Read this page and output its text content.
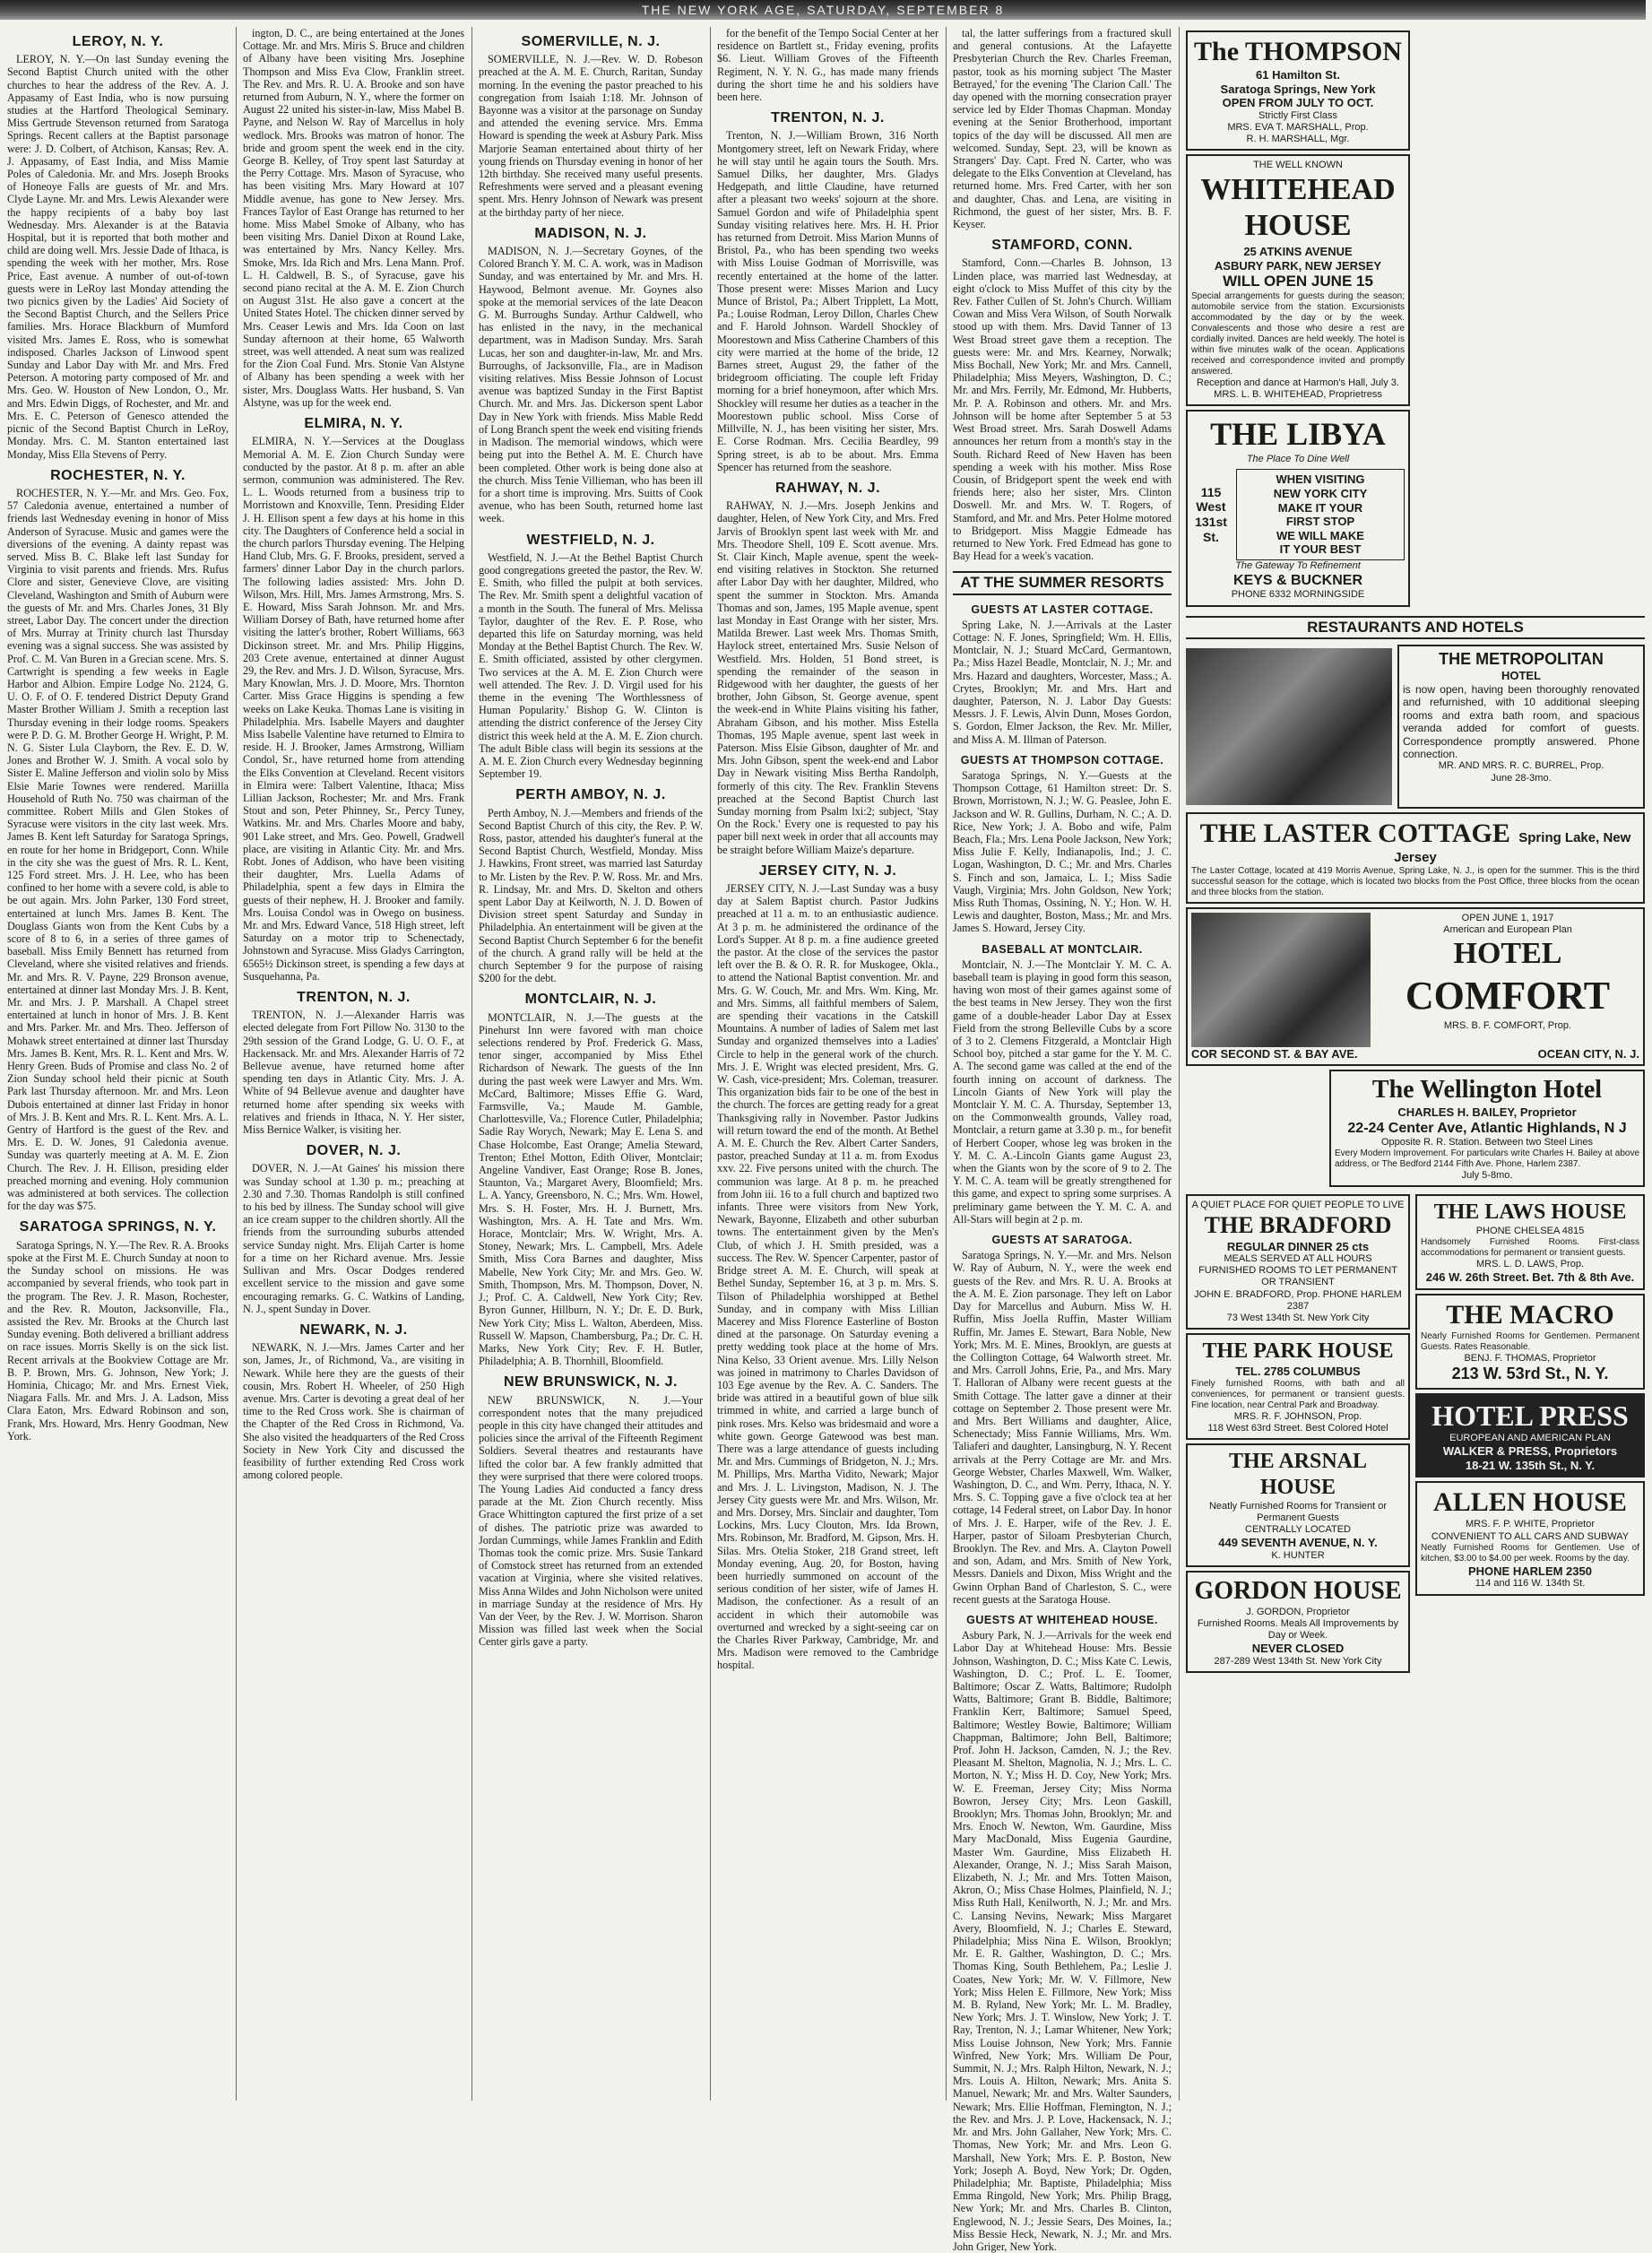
THE NEW YORK AGE, SATURDAY, SEPTEMBER 8
LEROY, N. Y.

LEROY, N. Y.—On last Sunday evening the Second Baptist Church united with the other churches to hear the address of the Rev. A. J. Appasamy of East India, who is now pursuing studies at the Hartford Theological Seminary. Miss Gertrude Stevenson returned from Saratoga Springs. Recent callers at the Baptist parsonage were: J. D. Colbert, of Atchison, Kansas; Rev. A. J. Appasamy, of East India, and Miss Mamie Poles of Caledonia. Mr. and Mrs. Joseph Brooks of Honeoye Falls are guests of Mr. and Mrs. Clyde Layne. Mr. and Mrs. Lewis Alexander were the happy recipients of a baby boy last Wednesday. Mrs. Alexander is at the Batavia Hospital, but it is reported that both mother and child are doing well. Mrs. Jessie Dade of Ithaca, is spending the week with her mother, Mrs. Rose Price, East avenue. A number of out-of-town guests were in LeRoy last Monday attending the two picnics given by the Ladies' Aid Society of the Second Baptist Church, and the Sellers Price families. Mrs. Horace Blackburn of Mumford visited Mrs. James E. Ross, who is somewhat indisposed. Charles Jackson of Linwood spent Sunday and Labor Day with Mr. and Mrs. Fred Peterson. A motoring party composed of Mr. and Mrs. Geo. W. Houston of New London, O., Mr. and Mrs. Edwin Diggs, of Rochester, and Mr. and Mrs. E. C. Peterson of Genesco attended the picnic of the Second Baptist Church in LeRoy, Monday. Mrs. C. M. Stanton entertained last Monday, Miss Ella Stevens of Perry.

ROCHESTER, N. Y.

ROCHESTER, N. Y.—Mr. and Mrs. Geo. Fox, 57 Caledonia avenue, entertained a number of friends last Wednesday evening in honor of Miss Anderson of Syracuse. Music and games were the diversions of the evening. A dainty repast was served. Miss B. C. Blake left last Sunday for Virginia to visit parents and friends. Mrs. Rufus Clore and sister, Genevieve Clove, are visiting Cleveland, Washington and Smith of Auburn were the guests of Mr. and Mrs. Charles Jones, 31 Bly street, Labor Day. The concert under the direction of Mrs. Murray at Trinity church last Thursday evening was a signal success. She was assisted by Prof. C. M. Van Buren in a Grecian scene. Mrs. S. Cartwright is spending a few weeks in Eagle Harbor and Albion. Empire Lodge No. 2124, G. U. O. F. of O. F. tendered District Deputy Grand Master Brother William J. Smith a reception last Thursday evening in their lodge rooms. Speakers were P. D. G. M. Brother George H. Wright, P. M. N. G. Sister Lula Clayborn, the Rev. E. D. W. Jones and Brother W. J. Smith. A vocal solo by Sister E. Maline Jefferson and violin solo by Miss Elsie Marie Townes were rendered. Mariilla Household of Ruth No. 750 was chairman of the committee. Robert Mills and Glen Stokes of Syracuse were visitors in the city last week. Mrs. James B. Kent left Saturday for Saratoga Springs, en route for her home in Bridgeport, Conn. While in the city she was the guest of Mrs. R. L. Kent, 125 Ford street. Mrs. J. H. Lee, who has been confined to her home with a severe cold, is able to be out again. Mrs. John Parker, 130 Ford street, entertained at lunch Mrs. James B. Kent. The Douglass Giants won from the Kent Cubs by a score of 8 to 6, in a series of three games of baseball. Miss Emily Bennett has returned from Cleveland, where she visited relatives and friends. Mr. and Mrs. R. V. Payne, 229 Bronson avenue, entertained at dinner last Monday Mrs. J. B. Kent, Mr. and Mrs. J. P. Marshall. A Chapel street entertained at lunch in honor of Mrs. J. B. Kent and Mrs. Parker. Mr. and Mrs. Theo. Jefferson of Mohawk street entertained at dinner last Thursday Mrs. James B. Kent, Mrs. R. L. Kent and Mrs. W. Henry Green. Buds of Promise and class No. 2 of Zion Sunday school held their picnic at South Park last Thursday afternoon. Mr. and Mrs. Leon Dubois entertained at dinner last Friday in honor of Mrs. J. B. Kent and Mrs. R. L. Kent. Mrs. A. L. Gentry of Hartford is the guest of the Rev. and Mrs. E. D. W. Jones, 91 Caledonia avenue. Sunday was quarterly meeting at A. M. E. Zion Church. The Rev. J. H. Ellison, presiding elder preached morning and evening. Holy communion was administered at both services. The collection for the day was $75.

SARATOGA SPRINGS, N. Y.

Saratoga Springs, N. Y.—The Rev. R. A. Brooks spoke at the First M. E. Church Sunday at noon to the Sunday school on missions. He was accompanied by several friends, who took part in the program. The Rev. J. R. Mason, Rochester, and the Rev. R. Mouton, Jacksonville, Fla., assisted the Rev. Mr. Brooks at the Church last Sunday evening. Both delivered a brilliant address on race issues. Morris Skelly is on the sick list. Recent arrivals at the Bookview Cottage are Mr. B. P. Brown, Mrs. G. Johnson, New York; J. Hominia, Chicago; Mr. and Mrs. Ernest Viek, Niagara Falls. Mr. and Mrs. J. A. Ladson, Miss Clara Eaton, Mrs. Edward Robinson and son, Frank, Mrs. Howard, Mrs. Henry Goodman, New York.

ington, D. C., are being entertained at the Jones Cottage. Mr. and Mrs. Miris S. Bruce and children of Albany have been visiting Mrs. Josephine Thompson and Miss Eva Clow, Franklin street. The Rev. and Mrs. R. U. A. Brooke and son have returned from Auburn, N. Y., where the former on August 22 united his sister-in-law, Miss Mabel B. Payne, and Nelson W. Ray of Marcellus in holy wedlock. Mrs. Brooks was matron of honor. The bride and groom spent the week end in the city. George B. Kelley, of Troy spent last Saturday at the Perry Cottage. Mrs. Mason of Syracuse, who has been visiting Mrs. Mary Howard at 107 Middle avenue, has gone to New Jersey. Mrs. Frances Taylor of East Orange has returned to her home. Miss Mabel Smoke of Albany, who has been visiting Mrs. Daniel Dixon at Round Lake, was entertained by Mrs. Nancy Kelley. Mrs. Smoke, Mrs. Ida Rich and Mrs. Lena Mann. Prof. L. H. Caldwell, B. S., of Syracuse, gave his second piano recital at the A. M. E. Zion Church on August 31st. He also gave a concert at the United States Hotel. The chicken dinner served by Mrs. Ceaser Lewis and Mrs. Ida Coon on last Sunday afternoon at their home, 65 Walworth street, was well attended. A neat sum was realized for the Zion Coal Fund. Mrs. Stonie Van Alstyne of Albany has been spending a week with her sister, Mrs. Douglass Watts. Her husband, S. Van Alstyne, was up for the week end.

ELMIRA, N. Y.

ELMIRA, N. Y.—Services at the Douglass Memorial A. M. E. Zion Church Sunday were conducted by the pastor. At 8 p. m. after an able sermon, communion was administered. The Rev. L. L. Woods returned from a business trip to Morristown and Knoxville, Tenn. Presiding Elder J. H. Ellison spent a few days at his home in this city. The Daughters of Conference held a social in the church parlors Thursday evening. The Helping Hand Club, Mrs. G. F. Brooks, president, served a farmers' dinner Labor Day in the church parlors. The following ladies assisted: Mrs. John D. Wilson, Mrs. Hill, Mrs. James Armstrong, Mrs. S. E. Howard, Miss Sarah Johnson. Mr. and Mrs. William Dorsey of Bath, have returned home after visiting the latter's brother, Robert Williams, 663 Dickinson street. Mr. and Mrs. Philip Higgins, 203 Crete avenue, entertained at dinner August 29, the Rev. and Mrs. J. D. Wilson, Syracuse, Mrs. Mary Knowlan, Mrs. J. D. Moore, Mrs. Thornton Carter. Miss Grace Higgins is spending a few weeks on Lake Keuka. Thomas Lane is visiting in Philadelphia. Mrs. Isabelle Mayers and daughter Miss Isabelle Valentine have returned to Elmira to reside. H. J. Brooker, James Armstrong, William Condol, Sr., have returned home from attending the Elks Convention at Cleveland. Recent visitors in Elmira were: Talbert Valentine, Ithaca; Miss Lillian Jackson, Rochester; Mr. and Mrs. Frank Stout and son, Peter Phinney, Sr., Percy Tuney, Watkins. Mr. and Mrs. Charles Moore and baby, 901 Lake street, and Mrs. Geo. Powell, Gradwell place, are visiting in Atlantic City. Mr. and Mrs. Robt. Jones of Addison, who have been visiting their daughter, Mrs. Luella Adams of Philadelphia, spent a few days in Elmira the guests of their nephew, H. J. Brooker and family. Mrs. Louisa Condol was in Owego on business. Mr. and Mrs. Edward Vance, 518 High street, left Saturday on a motor trip to Schenectady, Johnstown and Syracuse. Miss Gladys Carrington, 6565½ Dickinson street, is spending a few days at Susquehanna, Pa.

TRENTON, N. J.

TRENTON, N. J.—Alexander Harris was elected delegate from Fort Pillow No. 3130 to the 29th session of the Grand Lodge, G. U. O. F., at Hackensack. Mr. and Mrs. Alexander Harris of 72 Bellevue avenue, have returned home after spending ten days in Atlantic City. Mrs. J. A. White of 94 Bellevue avenue and daughter have returned home after spending six weeks with relatives and friends in Ithaca, N. Y. Her sister, Miss Bernice Walker, is visiting her.

DOVER, N. J.

DOVER, N. J.—At Gaines' his mission there was Sunday school at 1.30 p. m.; preaching at 2.30 and 7.30. Thomas Randolph is still confined to his bed by illness. The Sunday school will give an ice cream supper to the children shortly. All the friends from the surrounding suburbs attended service Sunday night. Mrs. Elijah Carter is home for a time on her Richard avenue. Mrs. Jessie Sullivan and Mrs. Oscar Dodges rendered excellent service to the mission and gave some encouraging remarks. G. C. Watkins of Landing, N. J., spent Sunday in Dover.

NEWARK, N. J.

NEWARK, N. J.—Mrs. James Carter and her son, James, Jr., of Richmond, Va., are visiting in Newark. While here they are the guests of their cousin, Mrs. Robert H. Wheeler, of 250 High avenue. Mrs. Carter is devoting a great deal of her time to the Red Cross work. She is chairman of the Chapter of the Red Cross in Richmond, Va. She also visited the headquarters of the Red Cross Society in New York City and discussed the feasibility of further extending Red Cross work among colored people.

SOMERVILLE, N. J.

SOMERVILLE, N. J.—Rev. W. D. Robeson preached at the A. M. E. Church, Raritan, Sunday morning. In the evening the pastor preached to his congregation from Isaiah 1:18. Mr. Johnson of Bayonne was a visitor at the parsonage on Sunday and attended the evening service. Mrs. Emma Howard is spending the week at Asbury Park. Miss Marjorie Seaman entertained about thirty of her young friends on Thursday evening in honor of her 12th birthday. She received many useful presents. Refreshments were served and a pleasant evening spent. Mrs. Henry Johnson of Newark was present at the birthday party of her niece.

MADISON, N. J.

MADISON, N. J.—Secretary Goynes, of the Colored Branch Y. M. C. A. work, was in Madison Sunday, and was entertained by Mr. and Mrs. H. Haywood, Belmont avenue. Mr. Goynes also spoke at the memorial services of the late Deacon G. M. Burroughs Sunday. Arthur Caldwell, who has enlisted in the navy, in the mechanical department, was in Madison Sunday. Mrs. Sarah Lucas, her son and daughter-in-law, Mr. and Mrs. Burroughs, of Jacksonville, Fla., are in Madison visiting relatives. Miss Bessie Johnson of Locust avenue was baptized Sunday in the First Baptist Church. Mr. and Mrs. Jas. Dickerson spent Labor Day in New York with friends. Miss Mable Redd of Long Branch spent the week end visiting friends in Madison. The memorial windows, which were being put into the Bethel A. M. E. Church have been completed. Other work is being done also at the church. Miss Tenie Villieman, who has been ill for a short time is improving. Mrs. Suitts of Cook avenue, who has been South, returned home last week.

WESTFIELD, N. J.

Westfield, N. J.—At the Bethel Baptist Church good congregations greeted the pastor, the Rev. W. E. Smith, who filled the pulpit at both services. The Rev. Mr. Smith spent a delightful vacation of a month in the South. The funeral of Mrs. Melissa Taylor, daughter of the Rev. E. P. Rose, who departed this life on Saturday morning, was held Monday at the Bethel Baptist Church. The Rev. W. E. Smith officiated, assisted by other clergymen. Two services at the A. M. E. Zion Church were well attended. The Rev. J. D. Virgil used for his theme in the evening 'The Worthlessness of Human Popularity.' Bishop G. W. Clinton is attending the district conference of the Jersey City district this week held at the A. M. E. Zion church. The adult Bible class will begin its sessions at the A. M. E. Zion Church every Wednesday beginning September 19.

PERTH AMBOY, N. J.

Perth Amboy, N. J.—Members and friends of the Second Baptist Church of this city, the Rev. P. W. Ross, pastor, attended his daughter's funeral at the Second Baptist Church, Westfield, Monday. Miss J. Hawkins, Front street, was married last Saturday to Mr. Listen by the Rev. P. W. Ross. Mr. and Mrs. R. Lindsay, Mr. and Mrs. D. Skelton and others spent Labor Day at Keilworth, N. J. D. Bowen of Division street spent Saturday and Sunday in Philadelphia. An entertainment will be given at the Second Baptist Church September 6 for the benefit of the church. A grand rally will be held at the church September 9 for the purpose of raising $200 for the debt.

MONTCLAIR, N. J.

MONTCLAIR, N. J.—The guests at the Pinehurst Inn were favored with man choice selections rendered by Prof. Frederick G. Mass, tenor singer, accompanied by Miss Ethel Richardson of Newark. The guests of the Inn during the past week were Lawyer and Mrs. Wm. McCard, Baltimore; Misses Effie G. Ward, Farmsville, Va.; Maude M. Gamble, Charlottesville, Va.; Florence Cutler, Philadelphia; Sadie Ray Worych, Newark; May E. Lena S. and Chase Holcombe, East Orange; Amelia Steward, Trenton; Ethel Motton, Edith Oliver, Montclair; Angeline Vandiver, East Orange; Rose B. Jones, Staunton, Va.; Margaret Avery, Bloomfield; Mrs. L. A. Yancy, Greensboro, N. C.; Mrs. Wm. Howel, Mrs. S. H. Foster, Mrs. H. J. Burnett, Mrs. Washington, Mrs. A. H. Tate and Mrs. Wm. Horace, Montclair; Mrs. W. Wright, Mrs. A. Stoney, Newark; Mrs. L. Campbell, Mrs. Adele Smith, Miss Cora Barnes and daughter, Miss Mabelle, New York City; Mr. and Mrs. Geo. W. Smith, Thompson, Mrs. M. Thompson, Dover, N. J.; Prof. C. A. Caldwell, New York City; Rev. Byron Gunner, Hillburn, N. Y.; Dr. E. D. Burk, New York City; Miss L. Walton, Aberdeen, Miss. Russell W. Mapson, Chambersburg, Pa.; Dr. C. H. Marks, New York City; Rev. F. H. Butler, Philadelphia; A. B. Thornhill, Bloomfield.

NEW BRUNSWICK, N. J.

NEW BRUNSWICK, N. J.—Your correspondent notes that the many prejudiced people in this city have changed their attitudes and policies since the arrival of the Fifteenth Regiment Soldiers. Several theatres and restaurants have lifted the color bar. A few frankly admitted that they were surprised that there were colored troops. The Young Ladies Aid conducted a fancy dress parade at the Mt. Zion Church recently. Miss Grace Whittington captured the first prize of a set of dishes. The patriotic prize was awarded to Jordan Cummings, while James Franklin and Edith Thomas took the comic prize. Mrs. Susie Tankard of Comstock street has returned from an extended vacation at Virginia, where she visited relatives. Miss Anna Wildes and John Nicholson were united in marriage Sunday at the residence of Mrs. Hy Van der Veer, by the Rev. J. W. Morrison. Sharon Mission was filled last week when the Social Center girls gave a party.

for the benefit of the Tempo Social Center at her residence on Bartlett st., Friday evening, profits $6. Lieut. William Groves of the Fifteenth Regiment, N. Y. N. G., has made many friends during the short time he and his soldiers have been here.

TRENTON, N. J.

Trenton, N. J.—William Brown, 316 North Montgomery street, left on Newark Friday, where he will stay until he again tours the South. Mrs. Samuel Dilks, her daughter, Mrs. Gladys Hedgepath, and little Claudine, have returned after a pleasant two weeks' sojourn at the shore. Samuel Gordon and wife of Philadelphia spent Sunday visiting relatives here. Mrs. H. H. Prior has returned from Detroit. Miss Marion Munns of Bristol, Pa., who has been spending two weeks with Miss Louise Godman of Morrisville, was recently entertained at the home of the latter. Those present were: Misses Marion and Lucy Munce of Bristol, Pa.; Albert Tripplett, La Mott, Pa.; Louise Rodman, Leroy Dillon, Charles Chew and F. Harold Johnson. Wardell Shockley of Moorestown and Miss Catherine Chambers of this city were married at the home of the bride, 12 Barnes street, August 29, the father of the bridegroom officiating. The couple left Friday morning for a brief honeymoon, after which Mrs. Shockley will resume her duties as a teacher in the Moorestown public school. Miss Corse of Millville, N. J., has been visiting her sister, Mrs. E. Corse Rodman. Mrs. Cecilia Beardley, 99 Spring street, is ab to be about. Mrs. Emma Spencer has returned from the seashore.

RAHWAY, N. J.

RAHWAY, N. J.—Mrs. Joseph Jenkins and daughter, Helen, of New York City, and Mrs. Fred Jarvis of Brooklyn spent last week with Mr. and Mrs. Theodore Shell, 109 E. Scott avenue. Mrs. St. Clair Kinch, Maple avenue, spent the week-end visiting relatives in Stockton. She returned after Labor Day with her daughter, Mildred, who spent the summer in Stockton. Mrs. Amanda Thomas and son, James, 195 Maple avenue, spent last Monday in East Orange with her sister, Mrs. Matilda Brewer. Last week Mrs. Thomas Smith, Haylock street, entertained Mrs. Susie Nelson of Westfield. Mrs. Holden, 51 Bond street, is spending the remainder of the season in Ridgewood with her daughter, the guests of her brother, John Gibson, St. George avenue, spent the week-end in White Plains visiting his father, Abraham Gibson, and his mother. Miss Estella Thomas, 195 Maple avenue, spent last week in Paterson. Miss Elsie Gibson, daughter of Mr. and Mrs. John Gibson, spent the week-end and Labor Day in Newark visiting Miss Bertha Randolph, formerly of this city. The Rev. Franklin Stevens preached at the Second Baptist Church last Sunday morning from Psalm lxi:2; subject, 'Stay On the Rock.' Every one is requested to pay his paper bill next week in order that all accounts may be straight before William Maize's departure.

JERSEY CITY, N. J.

JERSEY CITY, N. J.—Last Sunday was a busy day at Salem Baptist church. Pastor Judkins preached at 11 a. m. to an enthusiastic audience. At 3 p. m. he administered the ordinance of the Lord's Supper. At 8 p. m. a fine audience greeted the pastor. At the close of the services the pastor left over the B. & O. R. R. for Muskogee, Okla., to attend the National Baptist convention. Mr. and Mrs. G. W. Couch, Mr. and Mrs. Wm. King, Mr. and Mrs. Simms, all faithful members of Salem, are spending their vacations in the Catskill Mountains. A number of ladies of Salem met last Sunday and organized themselves into a Ladies' Circle to help in the general work of the church. Mrs. J. E. Wright was elected president, Mrs. G. W. Cash, vice-president; Mrs. Coleman, treasurer. This organization bids fair to be one of the best in the church. The forces are getting ready for a great Thanksgiving rally in November. Pastor Judkins will return toward the end of the month. At Bethel A. M. E. Church the Rev. Albert Carter Sanders, pastor, preached Sunday at 11 a. m. from Exodus xxv. 22. Five persons united with the church. The communion was large. At 8 p. m. he preached from John iii. 16 to a full church and baptized two infants. Three were visitors from New York, Newark, Bayonne, Elizabeth and other suburban towns. The entertainment given by the Men's Club, of which J. H. Smith presided, was a success. The Rev. W. Spencer Carpenter, pastor of Bridge street A. M. E. Church, will speak at Bethel Sunday, September 16, at 3 p. m. Mrs. S. Tilson of Philadelphia worshipped at Bethel Sunday, and in company with Miss Lillian Macerey and Miss Florence Easterline of Boston dined at the parsonage. On Saturday evening a pretty wedding took place at the home of Mrs. Nina Kelso, 33 Orient avenue. Mrs. Lilly Nelson was joined in matrimony to Charles Davidson of 103 Ege avenue by the Rev. A. C. Sanders. The bride was attired in a beautiful gown of blue silk trimmed in white, and carried a large bunch of pink roses. Mrs. Kelso was bridesmaid and wore a white gown. George Gatewood was best man. There was a large attendance of guests including Mr. and Mrs. Cummings of Bridgeton, N. J.; Mrs. M. Phillips, Mrs. Martha Vidito, Newark; Major and Mrs. J. L. Livingston, Madison, N. J. The Jersey City guests were Mr. and Mrs. Wilson, Mr. and Mrs. Dorsey, Mrs. Sinclair and daughter, Tom Lockins, Mrs. Lucy Clouton, Mrs. Ida Brown, Mrs. Robinson, Mr. Bradford, M. Gipson, Mrs. H. Silas. Mrs. Otelia Stoker, 218 Grand street, left Monday evening, Aug. 20, for Boston, having been hurriedly summoned on account of the serious condition of her sister, wife of James H. Madison, the confectioner. As a result of an accident in which their automobile was overturned and wrecked by a sight-seeing car on the Charles River Parkway, Cambridge, Mr. and Mrs. Madison were removed to the Cambridge hospital.

tal, the latter sufferings from a fractured skull and general contusions. At the Lafayette Presbyterian Church the Rev. Charles Freeman, pastor, took as his morning subject 'The Master Betrayed,' for the evening 'The Clarion Call.' The day opened with the morning consecration prayer service led by Elder Thomas Chapman. Monday evening at the Senior Brotherhood, important topics of the day will be discussed. All men are welcomed. Sunday, Sept. 23, will be known as Strangers' Day. Capt. Fred N. Carter, who was delegate to the Elks Convention at Cleveland, has returned home. Mrs. Fred Carter, with her son and daughter, Chas. and Lena, are visiting in Richmond, the guest of her sister, Mrs. B. F. Keyser.

STAMFORD, CONN.

Stamford, Conn.—Charles B. Johnson, 13 Linden place, was married last Wednesday, at eight o'clock to Miss Muffet of this city by the Rev. Father Cullen of St. John's Church. William Cowan and Miss Vera Wilson, of South Norwalk stood up with them. Mrs. David Tanner of 13 West Broad street gave them a reception. The guests were: Mr. and Mrs. Kearney, Norwalk; Miss Bochall, New York; Mr. and Mrs. Cannell, Philadelphia; Miss Meyers, Washington, D. C.; Mr. and Mrs. Ferrily, Mr. Edmond, Mr. Hubberts, Mr. P. A. Robinson and others. Mr. and Mrs. Johnson will be home after September 5 at 53 West Broad street. Mrs. Sarah Doswell Adams announces her return from a month's stay in the South. Richard Reed of New Haven has been spending a week with his mother. Miss Rose Cousin, of Bridgeport spent the week end with friends here; also her sister, Mrs. Clinton Doswell. Mr. and Mrs. W. T. Rogers, of Stamford, and Mr. and Mrs. Peter Holme motored to Bridgeport. Miss Maggie Edmeade has returned to New York. Fred Edmead has gone to Bay Head for a week's vacation.

AT THE SUMMER RESORTS
GUESTS AT LASTER COTTAGE.

Spring Lake, N. J.—Arrivals at the Laster Cottage: N. F. Jones, Springfield; Wm. H. Ellis, Montclair, N. J.; Stuard McCard, Germantown, Pa.; Miss Hazel Beadle, Montclair, N. J.; Mr. and Mrs. Hazard and daughters, Worcester, Mass.; A. Crytes, Brooklyn; Mr. and Mrs. Hart and daughter, Paterson, N. J. Labor Day Guests: Messrs. J. F. Lewis, Alvin Dunn, Moses Gordon, S. Gordon, Elmer Jackson, the Rev. Mr. Miller, and Miss A. M. Illman of Paterson.

GUESTS AT THOMPSON COTTAGE.

Saratoga Springs, N. Y.—Guests at the Thompson Cottage, 61 Hamilton street: Dr. S. Brown, Morristown, N. J.; W. G. Peaslee, John E. Jackson and W. R. Gullins, Durham, N. C.; A. D. Rice, New York; J. A. Bobo and wife, Palm Beach, Fla.; Mrs. Lena Poole Jackson, New York; Miss Julie F. Kelly, Indianapolis, Ind.; J. C. Logan, Washington, D. C.; Mr. and Mrs. Charles S. Finch and son, Jamaica, L. I.; Miss Sadie Vaugh, Virginia; Mrs. John Goldson, New York; Miss Ruth Thomas, Ossining, N. Y.; Hon. W. H. Lewis and daughter, Boston, Mass.; Mr. and Mrs. James S. Howard, Jersey City.

BASEBALL AT MONTCLAIR.

Montclair, N. J.—The Montclair Y. M. C. A. baseball team is playing in good form this season, having won most of their games against some of the best teams in New Jersey. They won the first game of a double-header Labor Day at Essex Field from the strong Belleville Cubs by a score of 3 to 2. Clemens Fitzgerald, a Montclair High School boy, pitched a star game for the Y. M. C. A. The second game was called at the end of the fourth inning on account of darkness. The Lincoln Giants of New York will play the Montclair Y. M. C. A. Thursday, September 13, on the Commonwealth grounds, Valley road, Montclair, a return game at 3.30 p. m., for benefit of Herbert Cooper, whose leg was broken in the Y. M. C. A.-Lincoln Giants game August 23, when the Giants won by the score of 9 to 2. The Y. M. C. A. team will be greatly strengthened for this game, and expect to spring some surprises. A preliminary game between the Y. M. C. A. and All-Stars will begin at 2 p. m.

GUESTS AT SARATOGA.

Saratoga Springs, N. Y.—Mr. and Mrs. Nelson W. Ray of Auburn, N. Y., were the week end guests of the Rev. and Mrs. R. U. A. Brooks at the A. M. E. Zion parsonage. They left on Labor Day for Marcellus and Auburn. Miss W. H. Ruffin, Miss Joella Ruffin, Master William Ruffin, Mr. James E. Stewart, Bara Noble, New York; Mrs. M. E. Mines, Brooklyn, are guests at the Collington Cottage, 64 Walworth street. Mr. and Mrs. Carroll Johns, Erie, Pa., and Mrs. Mary T. Halloran of Albany were recent guests at the Smith Cottage. The latter gave a dinner at their cottage on September 2. Those present were Mr. and Mrs. Bert Williams and daughter, Alice, Schenectady; Miss Fannie Williams, Mrs. Wm. Taliaferi and daughter, Lansingburg, N. Y. Recent arrivals at the Perry Cottage are Mr. and Mrs. George Webster, Charles Maxwell, Wm. Walker, Washington, D. C., and Wm. Perry, Ithaca, N. Y. Mrs. S. C. Topping gave a five o'clock tea at her cottage, 14 Federal street, on Labor Day. In honor of Mrs. J. E. Harper, wife of the Rev. J. E. Harper, pastor of Siloam Presbyterian Church, Brooklyn. The Rev. and Mrs. A. Clayton Powell and son, Adam, and Mrs. Smith of New York, Messrs. Daniels and Dixon, Miss Wright and the Gwinn Orphan Band of Charleston, S. C., were recent guests at the Saratoga House.

GUESTS AT WHITEHEAD HOUSE.

Asbury Park, N. J.—Arrivals for the week end Labor Day at Whitehead House: Mrs. Bessie Johnson, Washington, D. C.; Miss Kate C. Lewis, Washington, D. C.; Prof. L. E. Toomer, Baltimore; Oscar Z. Watts, Baltimore; Rudolph Watts, Baltimore; Grant B. Biddle, Baltimore; Franklin Kerr, Baltimore; Samuel Speed, Baltimore; Westley Bowie, Baltimore; William Chappman, Baltimore; John Bell, Baltimore; Prof. John H. Jackson, Camden, N. J.; the Rev. Pleasant M. Shelton, Magnolia, N. J.; Mrs. L. C. Morton, N. Y.; Miss H. D. Coy, New York; Mrs. W. E. Freeman, Jersey City; Miss Norma Bowron, Jersey City; Mrs. Leon Gaskill, Brooklyn; Mrs. Thomas John, Brooklyn; Mr. and Mrs. Enoch W. Newton, Wm. Gaurdine, Miss Mary MacDonald, Miss Eugenia Gaurdine, Master Wm. Gaurdine, Miss Elizabeth H. Alexander, Orange, N. J.; Miss Sarah Maison, Elizabeth, N. J.; Mr. and Mrs. Totten Maison, Akron, O.; Miss Chase Holmes, Plainfield, N. J.; Miss Ruth Hall, Kenilworth, N. J.; Mr. and Mrs. C. Lansing Nevins, Newark; Miss Margaret Avery, Bloomfield, N. J.; Charles E. Steward, Philadelphia; Miss Nina E. Wilson, Brooklyn; Mr. E. R. Galther, Washington, D. C.; Mrs. Thomas King, South Bethlehem, Pa.; Leslie J. Coates, New York; Mr. W. V. Fillmore, New York; Miss Helen E. Fillmore, New York; Miss M. B. Ryland, New York; Mr. L. M. Bradley, New York; Mrs. J. T. Winslow, New York; J. T. Ray, Trenton, N. J.; Lamar Whitener, New York; Miss Louise Johnson, New York; Mrs. Fannie Winfred, New York; Mrs. William De Pour, Summit, N. J.; Mrs. Ralph Hilton, Newark, N. J.; Mrs. Louis A. Hilton, Newark; Mrs. Anita S. Manuel, Newark; Mr. and Mrs. Walter Saunders, Newark; Mrs. Ellie Hoffman, Flemington, N. J.; the Rev. and Mrs. J. P. Love, Hackensack, N. J.; Mr. and Mrs. John Gallaher, New York; Mrs. C. Thomas, New York; Mr. and Mrs. Leon G. Marshall, New York; Mrs. E. P. Boston, New York; Joseph A. Boyd, New York; Dr. Ogden, Philadelphia; Mr. Baptiste, Philadelphia; Miss Emma Ringold, New York; Mrs. Philip Bragg, New York; Mr. and Mrs. Charles B. Clinton, Englewood, N. J.; Jessie Sears, Des Moines, Ia.; Miss Bessie Heck, Newark, N. J.; Mr. and Mrs. John Griger, New York.

The THOMPSON
61 Hamilton St.
Saratoga Springs, New York
OPEN FROM JULY TO OCT.
Strictly First Class
MRS. EVA T. MARSHALL, Prop.
R. H. MARSHALL, Mgr.
THE WELL KNOWN
WHITEHEAD
HOUSE
25 ATKINS AVENUE
ASBURY PARK, NEW JERSEY
WILL OPEN JUNE 15
Special arrangements for guests during the season; automobile service from the station. Excursionists accommodated by the day or by the week. Convalescents and those who desire a rest are cordially invited. Dances are held weekly. The hotel is within five minutes walk of the ocean. Applications received and correspondence invited and promptly answered.
Reception and dance at Harmon's Hall, July 3.
MRS. L. B. WHITEHEAD, Proprietress
THE LIBYA
The Place To Dine Well
115 West 131st St.
WHEN VISITING
NEW YORK CITY
MAKE IT YOUR
FIRST STOP
WE WILL MAKE
IT YOUR BEST
The Gateway To Refinement
KEYS & BUCKNER
PHONE 6332 MORNINGSIDE
RESTAURANTS AND HOTELS
THE METROPOLITAN
HOTEL
is now open, having been thoroughly renovated and refurnished, with 10 additional sleeping rooms and extra bath room, and spacious veranda added for comfort of guests. Correspondence promptly answered. Phone connection.
MR. AND MRS. R. C. BURREL, Prop.
June 28-3mo.
THE LASTER COTTAGE Spring Lake, New Jersey
The Laster Cottage, located at 419 Morris Avenue, Spring Lake, N. J., is open for the summer. This is the third successful season for the cottage, which is located two blocks from the Post Office, three blocks from the ocean and three blocks from the station.
OPEN JUNE 1, 1917
American and European Plan
HOTEL
COMFORT
MRS. B. F. COMFORT, Prop.
COR SECOND ST. & BAY AVE.	OCEAN CITY, N. J.
The Wellington Hotel
CHARLES H. BAILEY, Proprietor
22-24 Center Ave, Atlantic Highlands, N J
Opposite R. R. Station. Between two Steel Lines
Every Modern Improvement. For particulars write Charles H. Bailey at above address, or The Bedford 2144 Fifth Ave. Phone, Harlem 2387.
July 5-8mo.
A QUIET PLACE FOR QUIET PEOPLE TO LIVE
THE BRADFORD
REGULAR DINNER 25 cts
MEALS SERVED AT ALL HOURS
FURNISHED ROOMS TO LET PERMANENT OR TRANSIENT
JOHN E. BRADFORD, Prop. PHONE HARLEM 2387
73 West 134th St. New York City
THE PARK HOUSE
TEL. 2785 COLUMBUS
Finely furnished Rooms, with bath and all conveniences, for permanent or transient guests. Fine location, near Central Park and Broadway.
MRS. R. F. JOHNSON, Prop.
118 West 63rd Street. Best Colored Hotel
THE ARSNAL HOUSE
Neatly Furnished Rooms for Transient or Permanent Guests
CENTRALLY LOCATED
449 SEVENTH AVENUE, N. Y.
K. HUNTER
GORDON HOUSE
J. GORDON, Proprietor
Furnished Rooms. Meals All Improvements by Day or Week.
NEVER CLOSED
287-289 West 134th St. New York City
THE LAWS HOUSE
PHONE CHELSEA 4815
Handsomely Furnished Rooms. First-class accommodations for permanent or transient guests.
MRS. L. D. LAWS, Prop.
246 W. 26th Street. Bet. 7th & 8th Ave.
THE MACRO
Nearly Furnished Rooms for Gentlemen. Permanent Guests. Rates Reasonable.
BENJ. F. THOMAS, Proprietor
213 W. 53rd St., N. Y.
HOTEL PRESS
EUROPEAN AND AMERICAN PLAN
WALKER & PRESS, Proprietors
18-21 W. 135th St., N. Y.
ALLEN HOUSE
MRS. F. P. WHITE, Proprietor
CONVENIENT TO ALL CARS AND SUBWAY
Neatly Furnished Rooms for Gentlemen. Use of kitchen, $3.00 to $4.00 per week. Rooms by the day.
PHONE HARLEM 2350
114 and 116 W. 134th St.
